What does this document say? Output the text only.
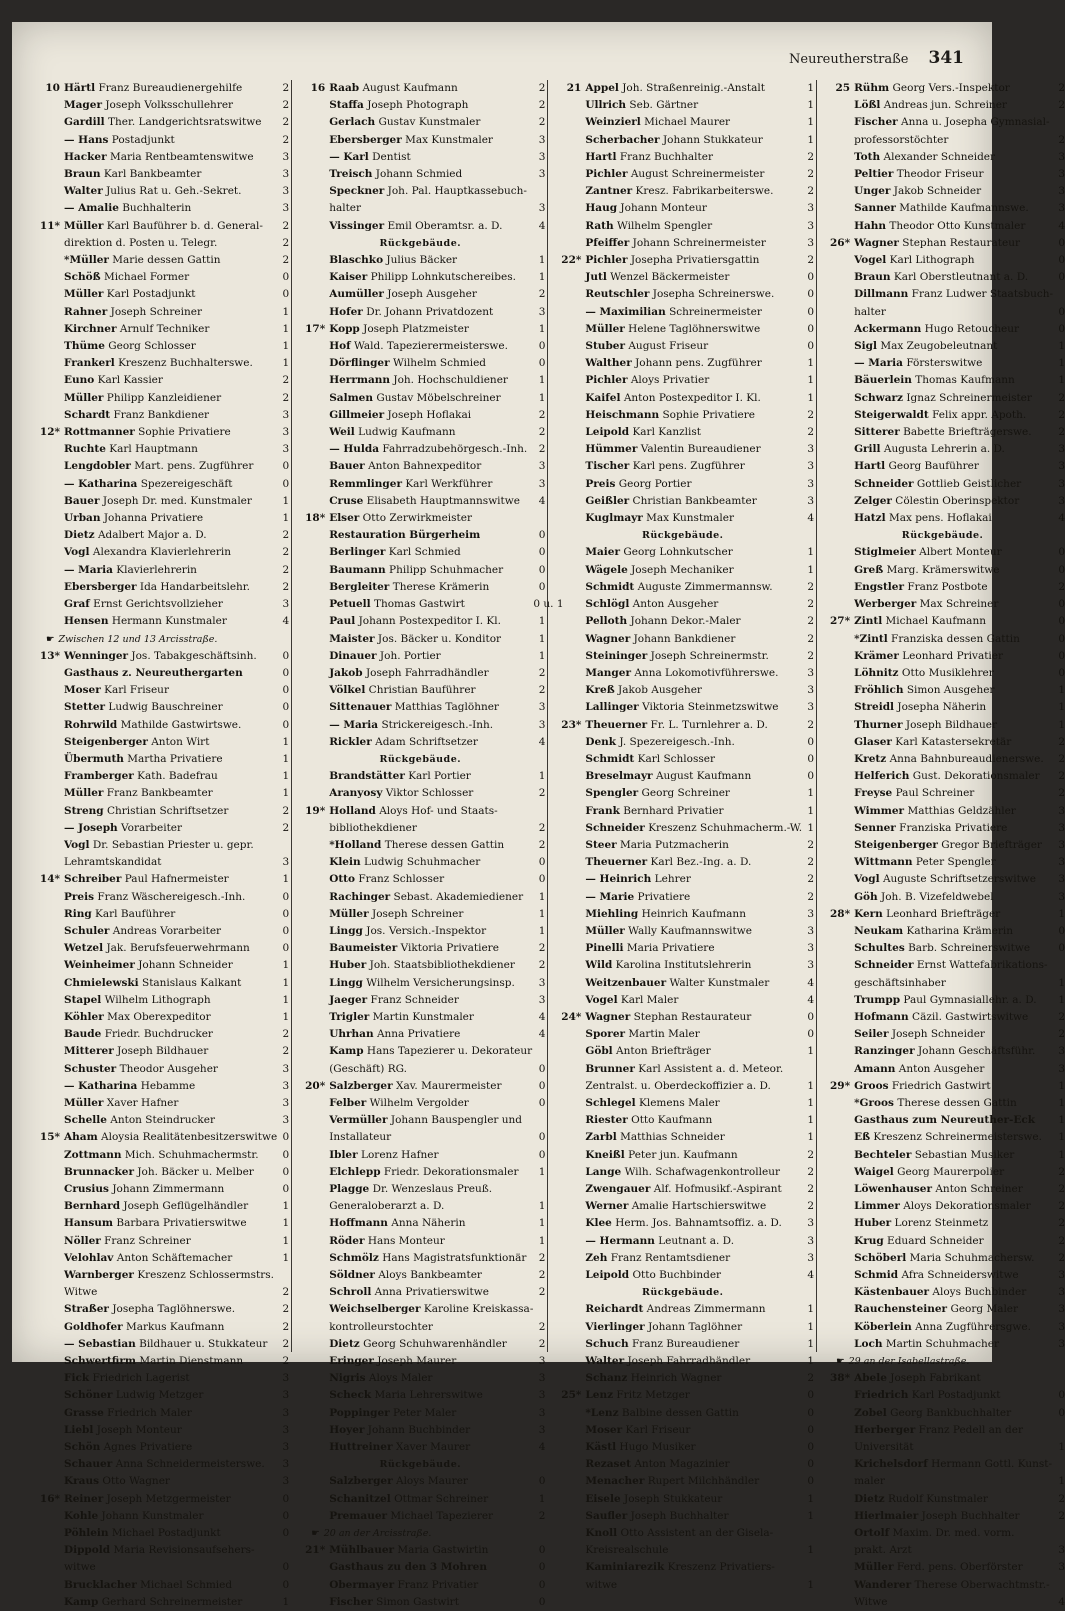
Neureutherstraße 341
10 Härtl Franz Bureaudienergehilfe	2
Mager Joseph Volksschullehrer	2
Gardill Ther. Landgerichtsratswitwe	2
— Hans Postadjunkt	2
Hacker Maria Rentbeamtenswitwe	3
Braun Karl Bankbeamter	3
Walter Julius Rat u. Geh.-Sekret.	3
— Amalie Buchhalterin	3
11* Müller Karl Bauführer b. d. General-	2
direktion d. Posten u. Telegr.	2
*Müller Marie dessen Gattin	2
Schöß Michael Former	0
Müller Karl Postadjunkt	0
Rahner Joseph Schreiner	1
Kirchner Arnulf Techniker	1
Thüme Georg Schlosser	1
Frankerl Kreszenz Buchhalterswe.	1
Euno Karl Kassier	2
Müller Philipp Kanzleidiener	2
Schardt Franz Bankdiener	3
12* Rottmanner Sophie Privatiere	3
Ruchte Karl Hauptmann	3
Lengdobler Mart. pens. Zugführer	0
— Katharina Spezereigeschäft	0
Bauer Joseph Dr. med. Kunstmaler	1
Urban Johanna Privatiere	1
Dietz Adalbert Major a. D.	2
Vogl Alexandra Klavierlehrerin	2
— Maria Klavierlehrerin	2
Ebersberger Ida Handarbeitslehr.	2
Graf Ernst Gerichtsvollzieher	3
Hensen Hermann Kunstmaler	4
☛ Zwischen 12 und 13 Arcisstraße.
13* Wenninger Jos. Tabakgeschäftsinh.	0
Gasthaus z. Neureuthergarten	0
Moser Karl Friseur	0
Stetter Ludwig Bauschreiner	0
Rohrwild Mathilde Gastwirtswe.	0
Steigenberger Anton Wirt	1
Übermuth Martha Privatiere	1
Framberger Kath. Badefrau	1
Müller Franz Bankbeamter	1
Streng Christian Schriftsetzer	2
— Joseph Vorarbeiter	2
Vogl Dr. Sebastian Priester u. gepr.
Lehramtskandidat	3
14* Schreiber Paul Hafnermeister	1
Preis Franz Wäschereigesch.-Inh.	0
Ring Karl Bauführer	0
Schuler Andreas Vorarbeiter	0
Wetzel Jak. Berufsfeuerwehrmann	0
Weinheimer Johann Schneider	1
Chmielewski Stanislaus Kalkant	1
Stapel Wilhelm Lithograph	1
Köhler Max Oberexpeditor	1
Baude Friedr. Buchdrucker	2
Mitterer Joseph Bildhauer	2
Schuster Theodor Ausgeher	3
— Katharina Hebamme	3
Müller Xaver Hafner	3
Schelle Anton Steindrucker	3
15* Aham Aloysia Realitätenbesitzerswitwe 0
Zottmann Mich. Schuhmachermstr.	0
Brunnacker Joh. Bäcker u. Melber	0
Crusius Johann Zimmermann	0
Bernhard Joseph Geflügelhändler	1
Hansum Barbara Privatierswitwe	1
Nöller Franz Schreiner	1
Velohlav Anton Schäftemacher	1
Warnberger Kreszenz Schlossermstrs.
Witwe	2
Straßer Josepha Taglöhnerswe.	2
Goldhofer Markus Kaufmann	2
— Sebastian Bildhauer u. Stukkateur	2
Schwertfirm Martin Dienstmann	2
Fick Friedrich Lagerist	3
Schöner Ludwig Metzger	3
Grasse Friedrich Maler	3
Liebl Joseph Monteur	3
Schön Agnes Privatiere	3
Schauer Anna Schneidermeisterswe.	3
Kraus Otto Wagner	3
16* Reiner Joseph Metzgermeister	0
Kohle Johann Kunstmaler	0
Pöhlein Michael Postadjunkt	0
Dippold Maria Revisionsaufsehers-
witwe	0
Brucklacher Michael Schmied	0
Kamp Gerhard Schreinermeister	1
16 Raab August Kaufmann	2
Staffa Joseph Photograph	2
Gerlach Gustav Kunstmaler	2
Ebersberger Max Kunstmaler	3
— Karl Dentist	3
Treisch Johann Schmied	3
Speckner Joh. Pal. Hauptkassebuch-
halter	3
Vissinger Emil Oberamtsr. a. D.	4
Rückgebäude.
Blaschko Julius Bäcker	1
Kaiser Philipp Lohnkutschereibes.	1
Aumüller Joseph Ausgeher	2
Hofer Dr. Johann Privatdozent	3
17* Kopp Joseph Platzmeister	1
Hof Wald. Tapezierermeisterswe.	0
Dörflinger Wilhelm Schmied	0
Herrmann Joh. Hochschuldiener	1
Salmen Gustav Möbelschreiner	1
Gillmeier Joseph Hoflakai	2
Weil Ludwig Kaufmann	2
— Hulda Fahrradzubehörgesch.-Inh.	2
Bauer Anton Bahnexpeditor	3
Remmlinger Karl Werkführer	3
Cruse Elisabeth Hauptmannswitwe	4
18* Elser Otto Zerwirkmeister
Restauration Bürgerheim	0
Berlinger Karl Schmied	0
Baumann Philipp Schuhmacher	0
Bergleiter Therese Krämerin	0
Petuell Thomas Gastwirt	0 u. 1
Paul Johann Postexpeditor I. Kl.	1
Maister Jos. Bäcker u. Konditor	1
Dinauer Joh. Portier	1
Jakob Joseph Fahrradhändler	2
Völkel Christian Bauführer	2
Sittenauer Matthias Taglöhner	3
— Maria Strickereigesch.-Inh.	3
Rickler Adam Schriftsetzer	4
Rückgebäude.
Brandstätter Karl Portier	1
Aranyosy Viktor Schlosser	2
19* Holland Aloys Hof- und Staats-
bibliothekdiener	2
*Holland Therese dessen Gattin	2
Klein Ludwig Schuhmacher	0
Otto Franz Schlosser	0
Rachinger Sebast. Akademiediener	1
Müller Joseph Schreiner	1
Lingg Jos. Versich.-Inspektor	1
Baumeister Viktoria Privatiere	2
Huber Joh. Staatsbibliothekdiener	2
Lingg Wilhelm Versicherungsinsp.	3
Jaeger Franz Schneider	3
Trigler Martin Kunstmaler	4
Uhrhan Anna Privatiere	4
Kamp Hans Tapezierer u. Dekorateur
(Geschäft) RG.	0
20* Salzberger Xav. Maurermeister	0
Felber Wilhelm Vergolder	0
Vermüller Johann Bauspengler und
Installateur	0
Ibler Lorenz Hafner	0
Elchlepp Friedr. Dekorationsmaler	1
Plagge Dr. Wenzeslaus Preuß.
Generaloberarzt a. D.	1
Hoffmann Anna Näherin	1
Röder Hans Monteur	1
Schmölz Hans Magistratsfunktionär	2
Söldner Aloys Bankbeamter	2
Schroll Anna Privatierswitwe	2
Weichselberger Karoline Kreiskassa-
kontrolleurstochter	2
Dietz Georg Schuhwarenhändler	2
Eringer Joseph Maurer	3
Nigris Aloys Maler	3
Scheck Maria Lehrerswitwe	3
Poppinger Peter Maler	3
Hoyer Johann Buchbinder	3
Huttreiner Xaver Maurer	4
Rückgebäude.
Salzberger Aloys Maurer	0
Schanitzel Ottmar Schreiner	1
Premauer Michael Tapezierer	2
☛ 20 an der Arcisstraße.
21* Mühlbauer Maria Gastwirtin	0
Gasthaus zu den 3 Mohren	0
Obermayer Franz Privatier	0
Fischer Simon Gastwirt	0
21 Appel Joh. Straßenreinig.-Anstalt	1
Ullrich Seb. Gärtner	1
Weinzierl Michael Maurer	1
Scherbacher Johann Stukkateur	1
Hartl Franz Buchhalter	2
Pichler August Schreinermeister	2
Zantner Kresz. Fabrikarbeiterswe.	2
Haug Johann Monteur	3
Rath Wilhelm Spengler	3
Pfeiffer Johann Schreinermeister	3
22* Pichler Josepha Privatiersgattin	2
Jutl Wenzel Bäckermeister	0
Reutschler Josepha Schreinerswe.	0
— Maximilian Schreinermeister	0
Müller Helene Taglöhnerswitwe	0
Stuber August Friseur	0
Walther Johann pens. Zugführer	1
Pichler Aloys Privatier	1
Kaifel Anton Postexpeditor I. Kl.	1
Heischmann Sophie Privatiere	2
Leipold Karl Kanzlist	2
Hümmer Valentin Bureaudiener	3
Tischer Karl pens. Zugführer	3
Preis Georg Portier	3
Geißler Christian Bankbeamter	3
Kuglmayr Max Kunstmaler	4
Rückgebäude.
Maier Georg Lohnkutscher	1
Wägele Joseph Mechaniker	1
Schmidt Auguste Zimmermannsw.	2
Schlögl Anton Ausgeher	2
Pelloth Johann Dekor.-Maler	2
Wagner Johann Bankdiener	2
Steininger Joseph Schreinermstr.	2
Manger Anna Lokomotivführerswe.	3
Kreß Jakob Ausgeher	3
Lallinger Viktoria Steinmetzswitwe	3
23* Theuerner Fr. L. Turnlehrer a. D.	2
Denk J. Spezereigesch.-Inh.	0
Schmidt Karl Schlosser	0
Breselmayr August Kaufmann	0
Spengler Georg Schreiner	1
Frank Bernhard Privatier	1
Schneider Kreszenz Schuhmacherm.-W. 1
Steer Maria Putzmacherin	2
Theuerner Karl Bez.-Ing. a. D.	2
— Heinrich Lehrer	2
— Marie Privatiere	2
Miehling Heinrich Kaufmann	3
Müller Wally Kaufmannswitwe	3
Pinelli Maria Privatiere	3
Wild Karolina Institutslehrerin	3
Weitzenbauer Walter Kunstmaler	4
Vogel Karl Maler	4
24* Wagner Stephan Restaurateur	0
Sporer Martin Maler	0
Göbl Anton Briefträger	1
Brunner Karl Assistent a. d. Meteor.
Zentralst. u. Oberdeckoffizier a. D.	1
Schlegel Klemens Maler	1
Riester Otto Kaufmann	1
Zarbl Matthias Schneider	1
Kneißl Peter jun. Kaufmann	2
Lange Wilh. Schafwagenkontrolleur	2
Zwengauer Alf. Hofmusikf.-Aspirant	2
Werner Amalie Hartschierswitwe	2
Klee Herm. Jos. Bahnamtsoffiz. a. D.	3
— Hermann Leutnant a. D.	3
Zeh Franz Rentamtsdiener	3
Leipold Otto Buchbinder	4
Rückgebäude.
Reichardt Andreas Zimmermann	1
Vierlinger Johann Taglöhner	1
Schuch Franz Bureaudiener	1
Walter Joseph Fahrradhändler	1
Schanz Heinrich Wagner	2
25* Lenz Fritz Metzger	0
*Lenz Balbine dessen Gattin	0
Moser Karl Friseur	0
Kästl Hugo Musiker	0
Rezaset Anton Magazinier	0
Menacher Rupert Milchhändler	0
Eisele Joseph Stukkateur	1
Saufler Joseph Buchhalter	1
Knoll Otto Assistent an der Gisela-
Kreisrealschule	1
Kaminiarezik Kreszenz Privatiers-
witwe	1
25 Rühm Georg Vers.-Inspektor	2
Lößl Andreas jun. Schreiner	2
Fischer Anna u. Josepha Gymnasial-
professorstöchter	2
Toth Alexander Schneider	3
Peltier Theodor Friseur	3
Unger Jakob Schneider	3
Sanner Mathilde Kaufmannswe.	3
Hahn Theodor Otto Kunstmaler	4
26* Wagner Stephan Restaurateur	0
Vogel Karl Lithograph	0
Braun Karl Oberstleutnant a. D.	0
Dillmann Franz Ludwer Staatsbuch-
halter	0
Ackermann Hugo Retoucheur	0
Sigl Max Zeugobeleutnant	1
— Maria Försterswitwe	1
Bäuerlein Thomas Kaufmann	1
Schwarz Ignaz Schreinermeister	2
Steigerwaldt Felix appr. Apoth.	2
Sitterer Babette Briefträgerswe.	2
Grill Augusta Lehrerin a. D.	3
Hartl Georg Bauführer	3
Schneider Gottlieb Geistlicher	3
Zelger Cölestin Oberinspektor	3
Hatzl Max pens. Hoflakai	4
Rückgebäude.
Stiglmeier Albert Monteur	0
Greß Marg. Krämerswitwe	0
Engstler Franz Postbote	2
Werberger Max Schreiner	0
27* Zintl Michael Kaufmann	0
*Zintl Franziska dessen Gattin	0
Krämer Leonhard Privatier	0
Löhnitz Otto Musiklehrer	0
Fröhlich Simon Ausgeher	1
Streidl Josepha Näherin	1
Thurner Joseph Bildhauer	1
Glaser Karl Katastersekretär	2
Kretz Anna Bahnbureaudienerswe.	2
Helferich Gust. Dekorationsmaler	2
Freyse Paul Schreiner	2
Wimmer Matthias Geldzähler	3
Senner Franziska Privatiere	3
Steigenberger Gregor Briefträger	3
Wittmann Peter Spengler	3
Vogl Auguste Schriftsetzerswitwe	3
Göh Joh. B. Vizefeldwebel	3
28* Kern Leonhard Briefträger	1
Neukam Katharina Krämerin	0
Schultes Barb. Schreinerswitwe	0
Schneider Ernst Wattefabrikations-
geschäftsinhaber	1
Trumpp Paul Gymnasiallehr. a. D.	1
Hofmann Cäzil. Gastwirtswitwe	2
Seiler Joseph Schneider	2
Ranzinger Johann Geschäftsführ.	3
Amann Anton Ausgeher	3
29* Groos Friedrich Gastwirt	1
*Groos Therese dessen Gattin	1
Gasthaus zum Neureuther-Eck	1
Eß Kreszenz Schreinermeisterswe.	1
Bechteler Sebastian Musiker	1
Waigel Georg Maurerpolier	2
Löwenhauser Anton Schreiner	2
Limmer Aloys Dekorationsmaler	2
Huber Lorenz Steinmetz	2
Krug Eduard Schneider	2
Schöberl Maria Schuhmachersw.	2
Schmid Afra Schneiderswitwe	3
Kästenbauer Aloys Buchbinder	3
Rauchensteiner Georg Maler	3
Köberlein Anna Zugführersgwe.	3
Loch Martin Schuhmacher	3
☛ 29 an der Isabellastraße.
38* Abele Joseph Fabrikant
Friedrich Karl Postadjunkt	0
Zobel Georg Bankbuchhalter	0
Herberger Franz Pedell an der
Universität	1
Krichelsdorf Hermann Gottl. Kunst-
maler	1
Dietz Rudolf Kunstmaler	2
Hierlmaier Joseph Buchhalter	2
Ortolf Maxim. Dr. med. vorm.
prakt. Arzt	3
Müller Ferd. pens. Oberförster	3
Wanderer Therese Oberwachtmstr.-
Witwe	4
